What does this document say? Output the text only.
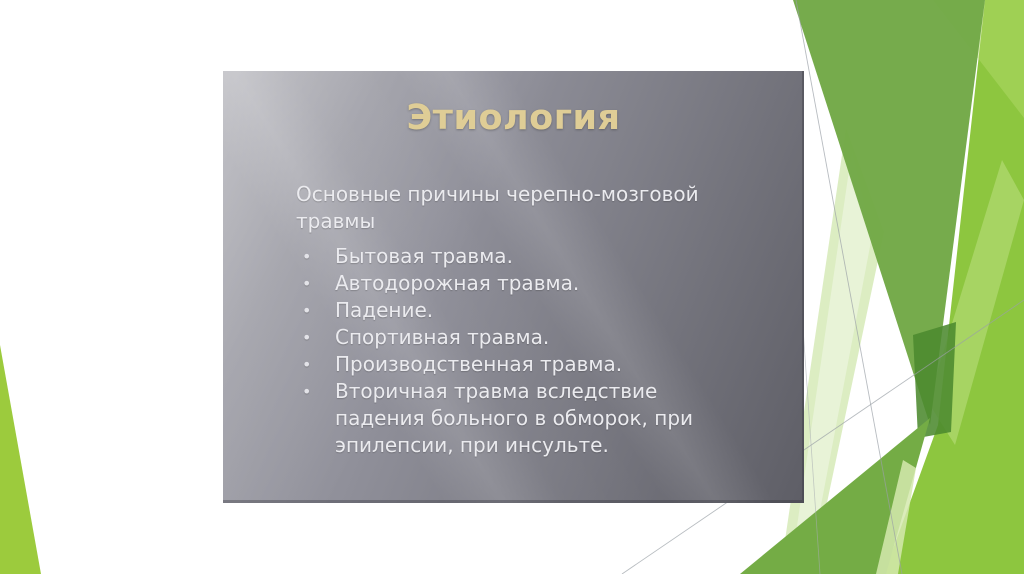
Этиология

Основные причины черепно-мозговой травмы

• Бытовая травма.
• Автодорожная травма.
• Падение.
• Спортивная травма.
• Производственная травма.
• Вторичная травма вследствие падения больного в обморок, при эпилепсии, при инсульте.
